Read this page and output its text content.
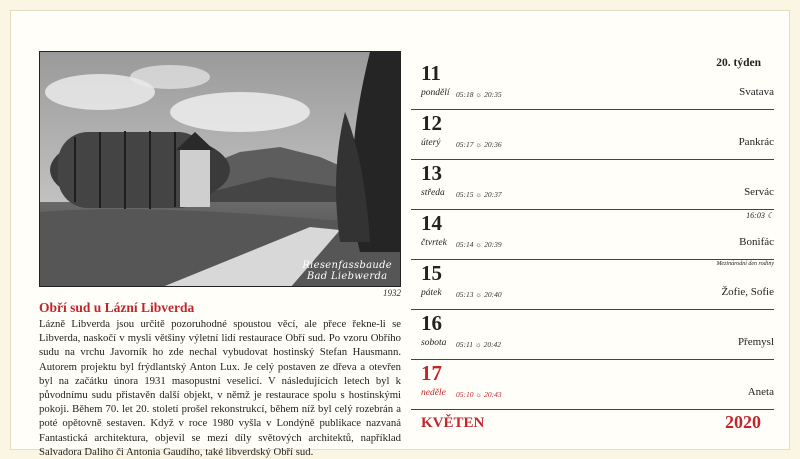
Riesenfassbaude
Bad Liebwerda
1932
Obří sud u Lázní Libverda
Lázně Libverda jsou určitě pozoruhodné spoustou věcí, ale přece řekne-li se Libverda, naskočí v mysli většiny výletní lidí restaurace Obří sud. Po vzoru Obřího sudu na vrchu Javorník ho zde nechal vybudovat hostinský Stefan Hausmann. Autorem projektu byl frýdlantský Anton Lux. Je celý postaven ze dřeva a otevřen byl na začátku února 1931 masopustní veselicí. V následujících letech byl k původnímu sudu přistavěn další objekt, v němž je restaurace spolu s hostinskými pokoji. Během 70. let 20. století prošel rekonstrukcí, během níž byl celý rozebrán a poté opětovně sestaven. Když v roce 1980 vyšla v Londýně publikace nazvaná Fantastická architektura, objevil se mezi díly světových architektů, například Salvadora Daliho či Antonia Gaudího, také libverdský Obří sud.
20. týden
11
pondělí 05:18 ☼ 20:35	Svatava
12
úterý 05:17 ☼ 20:36	Pankrác
13
středa 05:15 ☼ 20:37	Servác
16:03 ☾
14
čtvrtek 05:14 ☼ 20:39	Bonifác
Mezinárodní den rodiny
15
pátek 05:13 ☼ 20:40	Žofie, Sofie
16
sobota 05:11 ☼ 20:42	Přemysl
17
neděle 05:10 ☼ 20:43	Aneta
KVĚTEN	2020
